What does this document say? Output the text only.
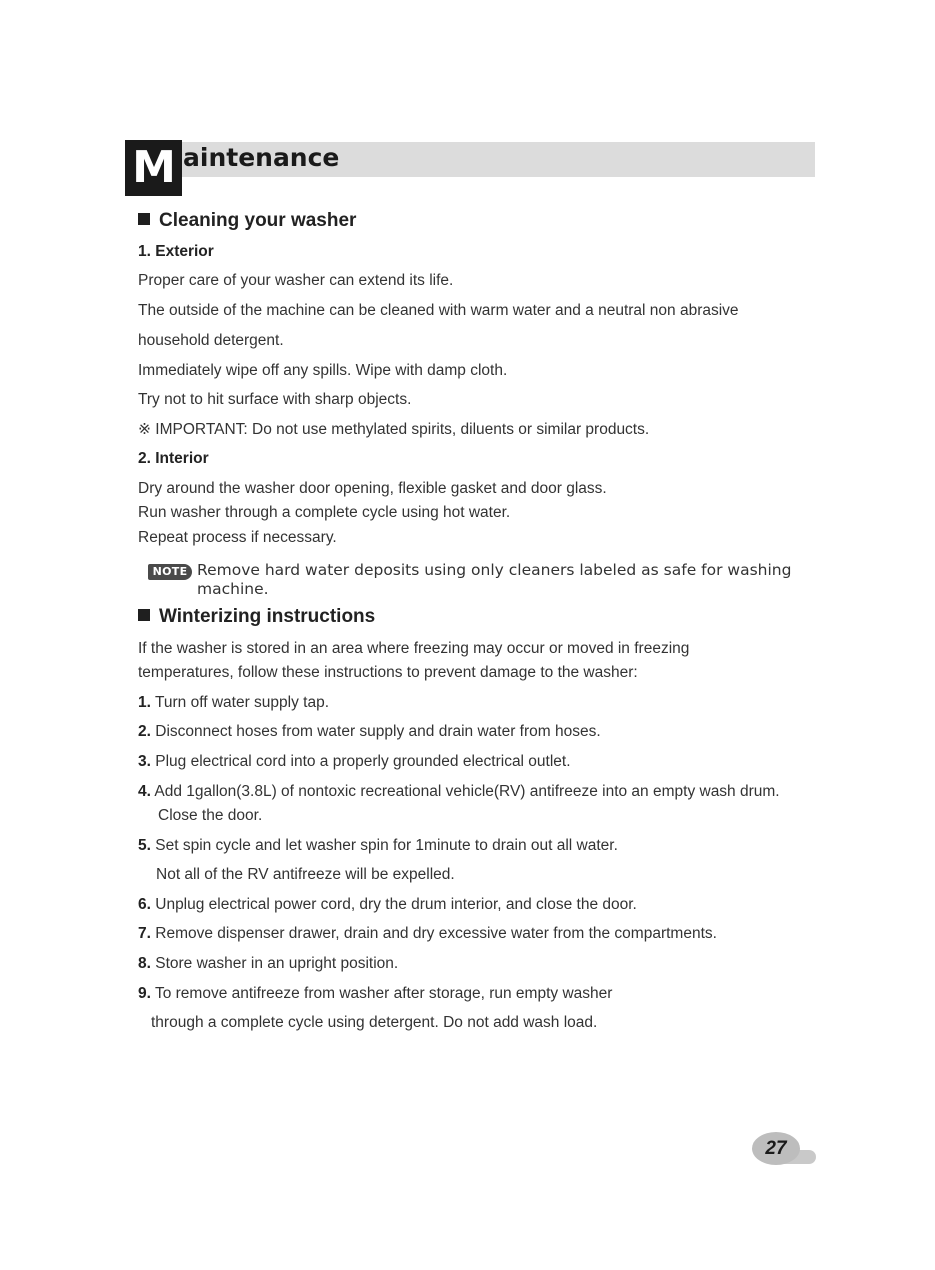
M aintenance
Cleaning your washer
1. Exterior

Proper care of your washer can extend its life.

The outside of the machine can be cleaned with warm water and a neutral non abrasive

household detergent.

Immediately wipe off any spills. Wipe with damp cloth.

Try not to hit surface with sharp objects.

※ IMPORTANT: Do not use methylated spirits, diluents or similar products.

2. Interior

Dry around the washer door opening, flexible gasket and door glass.

Run washer through a complete cycle using hot water.

Repeat process if necessary.

NOTE Remove hard water deposits using only cleaners labeled as safe for washing machine.

Winterizing instructions

If the washer is stored in an area where freezing may occur or moved in freezing

temperatures, follow these instructions to prevent damage to the washer:

1. Turn off water supply tap.

2. Disconnect hoses from water supply and drain water from hoses.

3. Plug electrical cord into a properly grounded electrical outlet.

4. Add 1gallon(3.8L) of nontoxic recreational vehicle(RV) antifreeze into an empty wash drum.

Close the door.

5. Set spin cycle and let washer spin for 1minute to drain out all water.

Not all of the RV antifreeze will be expelled.

6. Unplug electrical power cord, dry the drum interior, and close the door.

7. Remove dispenser drawer, drain and dry excessive water from the compartments.

8. Store washer in an upright position.

9. To remove antifreeze from washer after storage, run empty washer

through a complete cycle using detergent. Do not add wash load.

27
